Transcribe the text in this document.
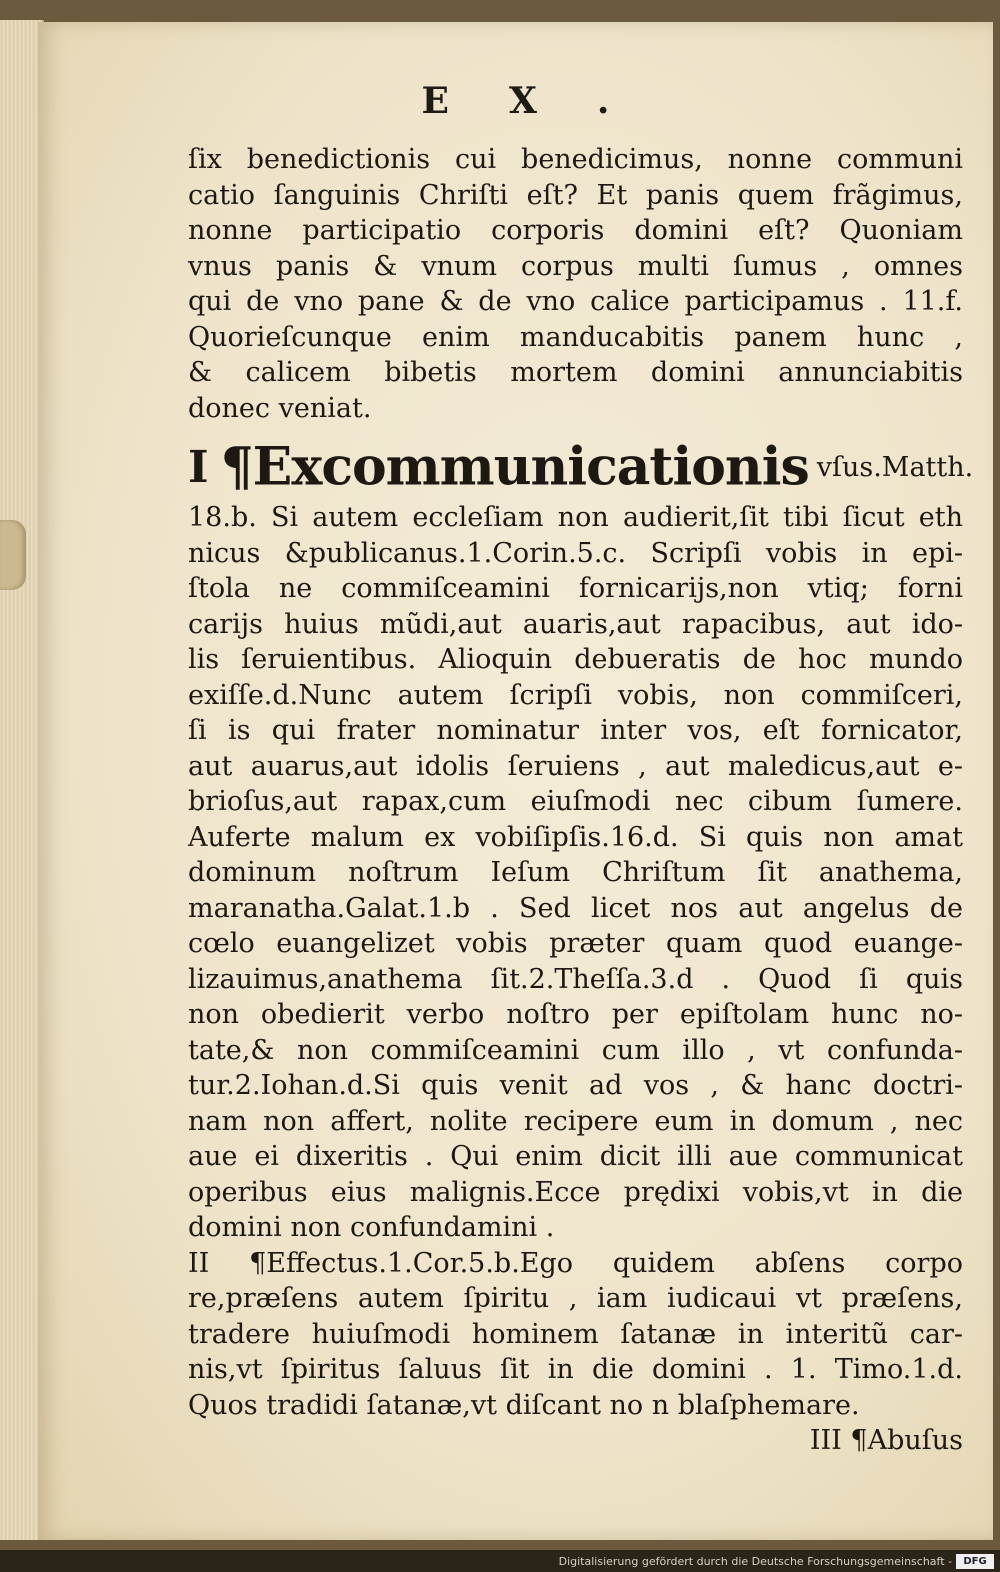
EX.
ſix benedictionis cui benedicimus, nonne communi
catio ſanguinis Chriſti eſt? Et panis quem frãgimus,
nonne participatio corporis domini eſt? Quoniam
vnus panis & vnum corpus multi ſumus , omnes
qui de vno pane & de vno calice participamus . 11.f.
Quorieſcunque enim manducabitis panem hunc ,
& calicem bibetis mortem domini annunciabitis
donec veniat.
I ¶Excommunicationis vſus.Matth.
18.b. Si autem eccleſiam non audierit,ſit tibi ſicut eth
nicus &publicanus.1.Corin.5.c. Scripſi vobis in epi-
ſtola ne commiſceamini fornicarijs,non vtiq; forni
carijs huius mũdi,aut auaris,aut rapacibus, aut ido-
lis ſeruientibus. Alioquin debueratis de hoc mundo
exiſſe.d.Nunc autem ſcripſi vobis, non commiſceri,
ſi is qui frater nominatur inter vos, eſt fornicator,
aut auarus,aut idolis ſeruiens , aut maledicus,aut e-
brioſus,aut rapax,cum eiuſmodi nec cibum ſumere.
Auferte malum ex vobiſipſis.16.d. Si quis non amat
dominum noſtrum Ieſum Chriſtum ſit anathema,
maranatha.Galat.1.b . Sed licet nos aut angelus de
cœlo euangelizet vobis præter quam quod euange-
lizauimus,anathema ſit.2.Theſſa.3.d . Quod ſi quis
non obedierit verbo noſtro per epiſtolam hunc no-
tate,& non commiſceamini cum illo , vt confunda-
tur.2.Iohan.d.Si quis venit ad vos , & hanc doctri-
nam non affert, nolite recipere eum in domum , nec
aue ei dixeritis . Qui enim dicit illi aue communicat
operibus eius malignis.Ecce prędixi vobis,vt in die
domini non confundamini .
II ¶Effectus.1.Cor.5.b.Ego quidem abſens corpo
re,præſens autem ſpiritu , iam iudicaui vt præſens,
tradere huiuſmodi hominem ſatanæ in interitũ car-
nis,vt ſpiritus ſaluus ſit in die domini . 1. Timo.1.d.
Quos tradidi ſatanæ,vt diſcant no n blaſphemare.
III ¶Abuſus
Digitalisierung gefördert durch die Deutsche Forschungsgemeinschaft -	DFG
